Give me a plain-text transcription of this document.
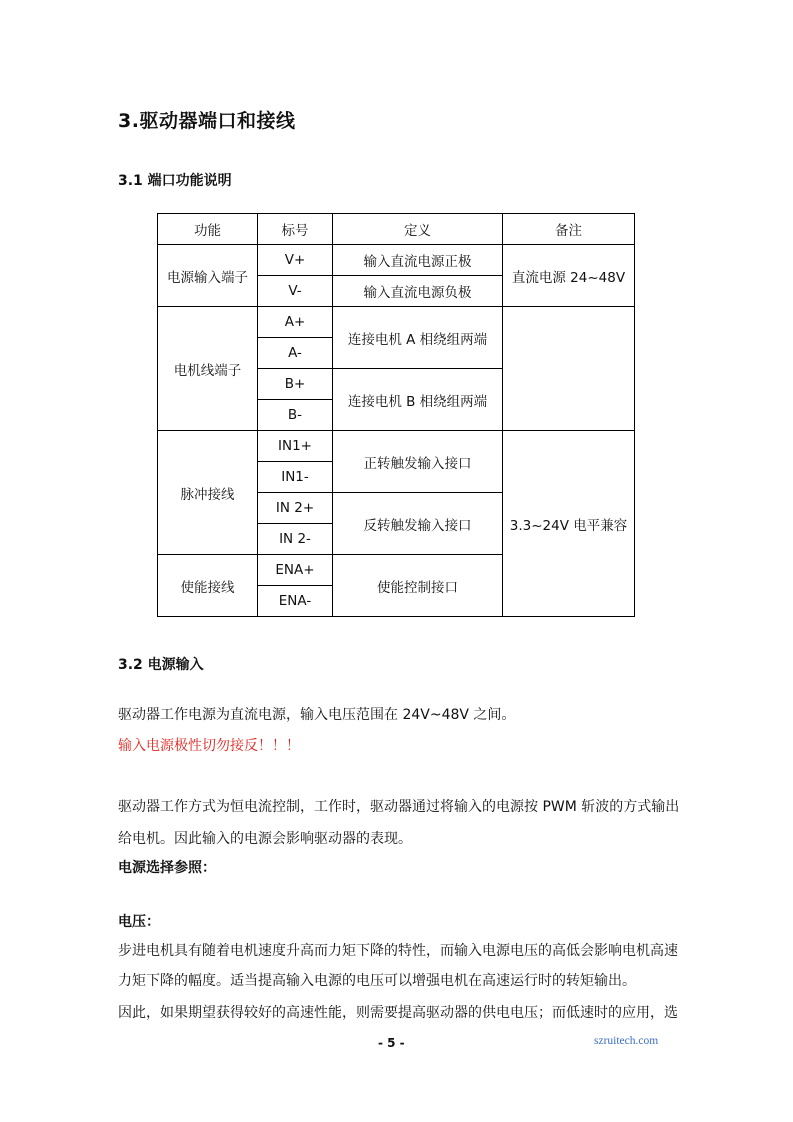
3.驱动器端口和接线
3.1 端口功能说明
功能	标号	定义	备注
电源输入端子	V+	输入直流电源正极	直流电源 24~48V
	V-	输入直流电源负极	
电机线端子	A+	连接电机 A 相绕组两端	
	A-		
	B+	连接电机 B 相绕组两端	
	B-		
脉冲接线	IN1+	正转触发输入接口	3.3~24V 电平兼容
	IN1-		
	IN 2+	反转触发输入接口	
	IN 2-		
使能接线	ENA+	使能控制接口	
	ENA-		
3.2 电源输入
驱动器工作电源为直流电源，输入电压范围在 24V~48V 之间。
输入电源极性切勿接反！！！
驱动器工作方式为恒电流控制，工作时，驱动器通过将输入的电源按 PWM 斩波的方式输出
给电机。因此输入的电源会影响驱动器的表现。
电源选择参照：
电压：
步进电机具有随着电机速度升高而力矩下降的特性，而输入电源电压的高低会影响电机高速
力矩下降的幅度。适当提高输入电源的电压可以增强电机在高速运行时的转矩输出。
因此，如果期望获得较好的高速性能，则需要提高驱动器的供电电压；而低速时的应用，选
- 5 -	szruitech.com
